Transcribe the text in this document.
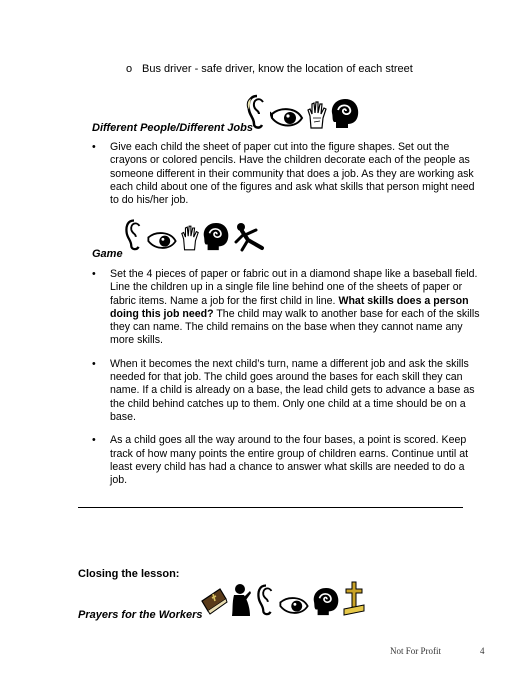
o Bus driver - safe driver, know the location of each street
$_{Different People/Different Jobs}$
• Give each child the sheet of paper cut into the figure shapes. Set out the crayons or colored pencils. Have the children decorate each of the people as someone different in their community that does a job. As they are working ask each child about one of the figures and ask what skills that person might need to do his/her job.
$_{Game}$
• Set the 4 pieces of paper or fabric out in a diamond shape like a baseball field. Line the children up in a single file line behind one of the sheets of paper or fabric items. Name a job for the first child in line. What skills does a person doing this job need? The child may walk to another base for each of the skills they can name. The child remains on the base when they cannot name any more skills.
• When it becomes the next child’s turn, name a different job and ask the skills needed for that job. The child goes around the bases for each skill they can name. If a child is already on a base, the lead child gets to advance a base as the child behind catches up to them. Only one child at a time should be on a base.
• As a child goes all the way around to the four bases, a point is scored. Keep track of how many points the entire group of children earns. Continue until at least every child has had a chance to answer what skills are needed to do a job.
Closing the lesson:
$_{Prayers for the Workers}$
Not For Profit	4
